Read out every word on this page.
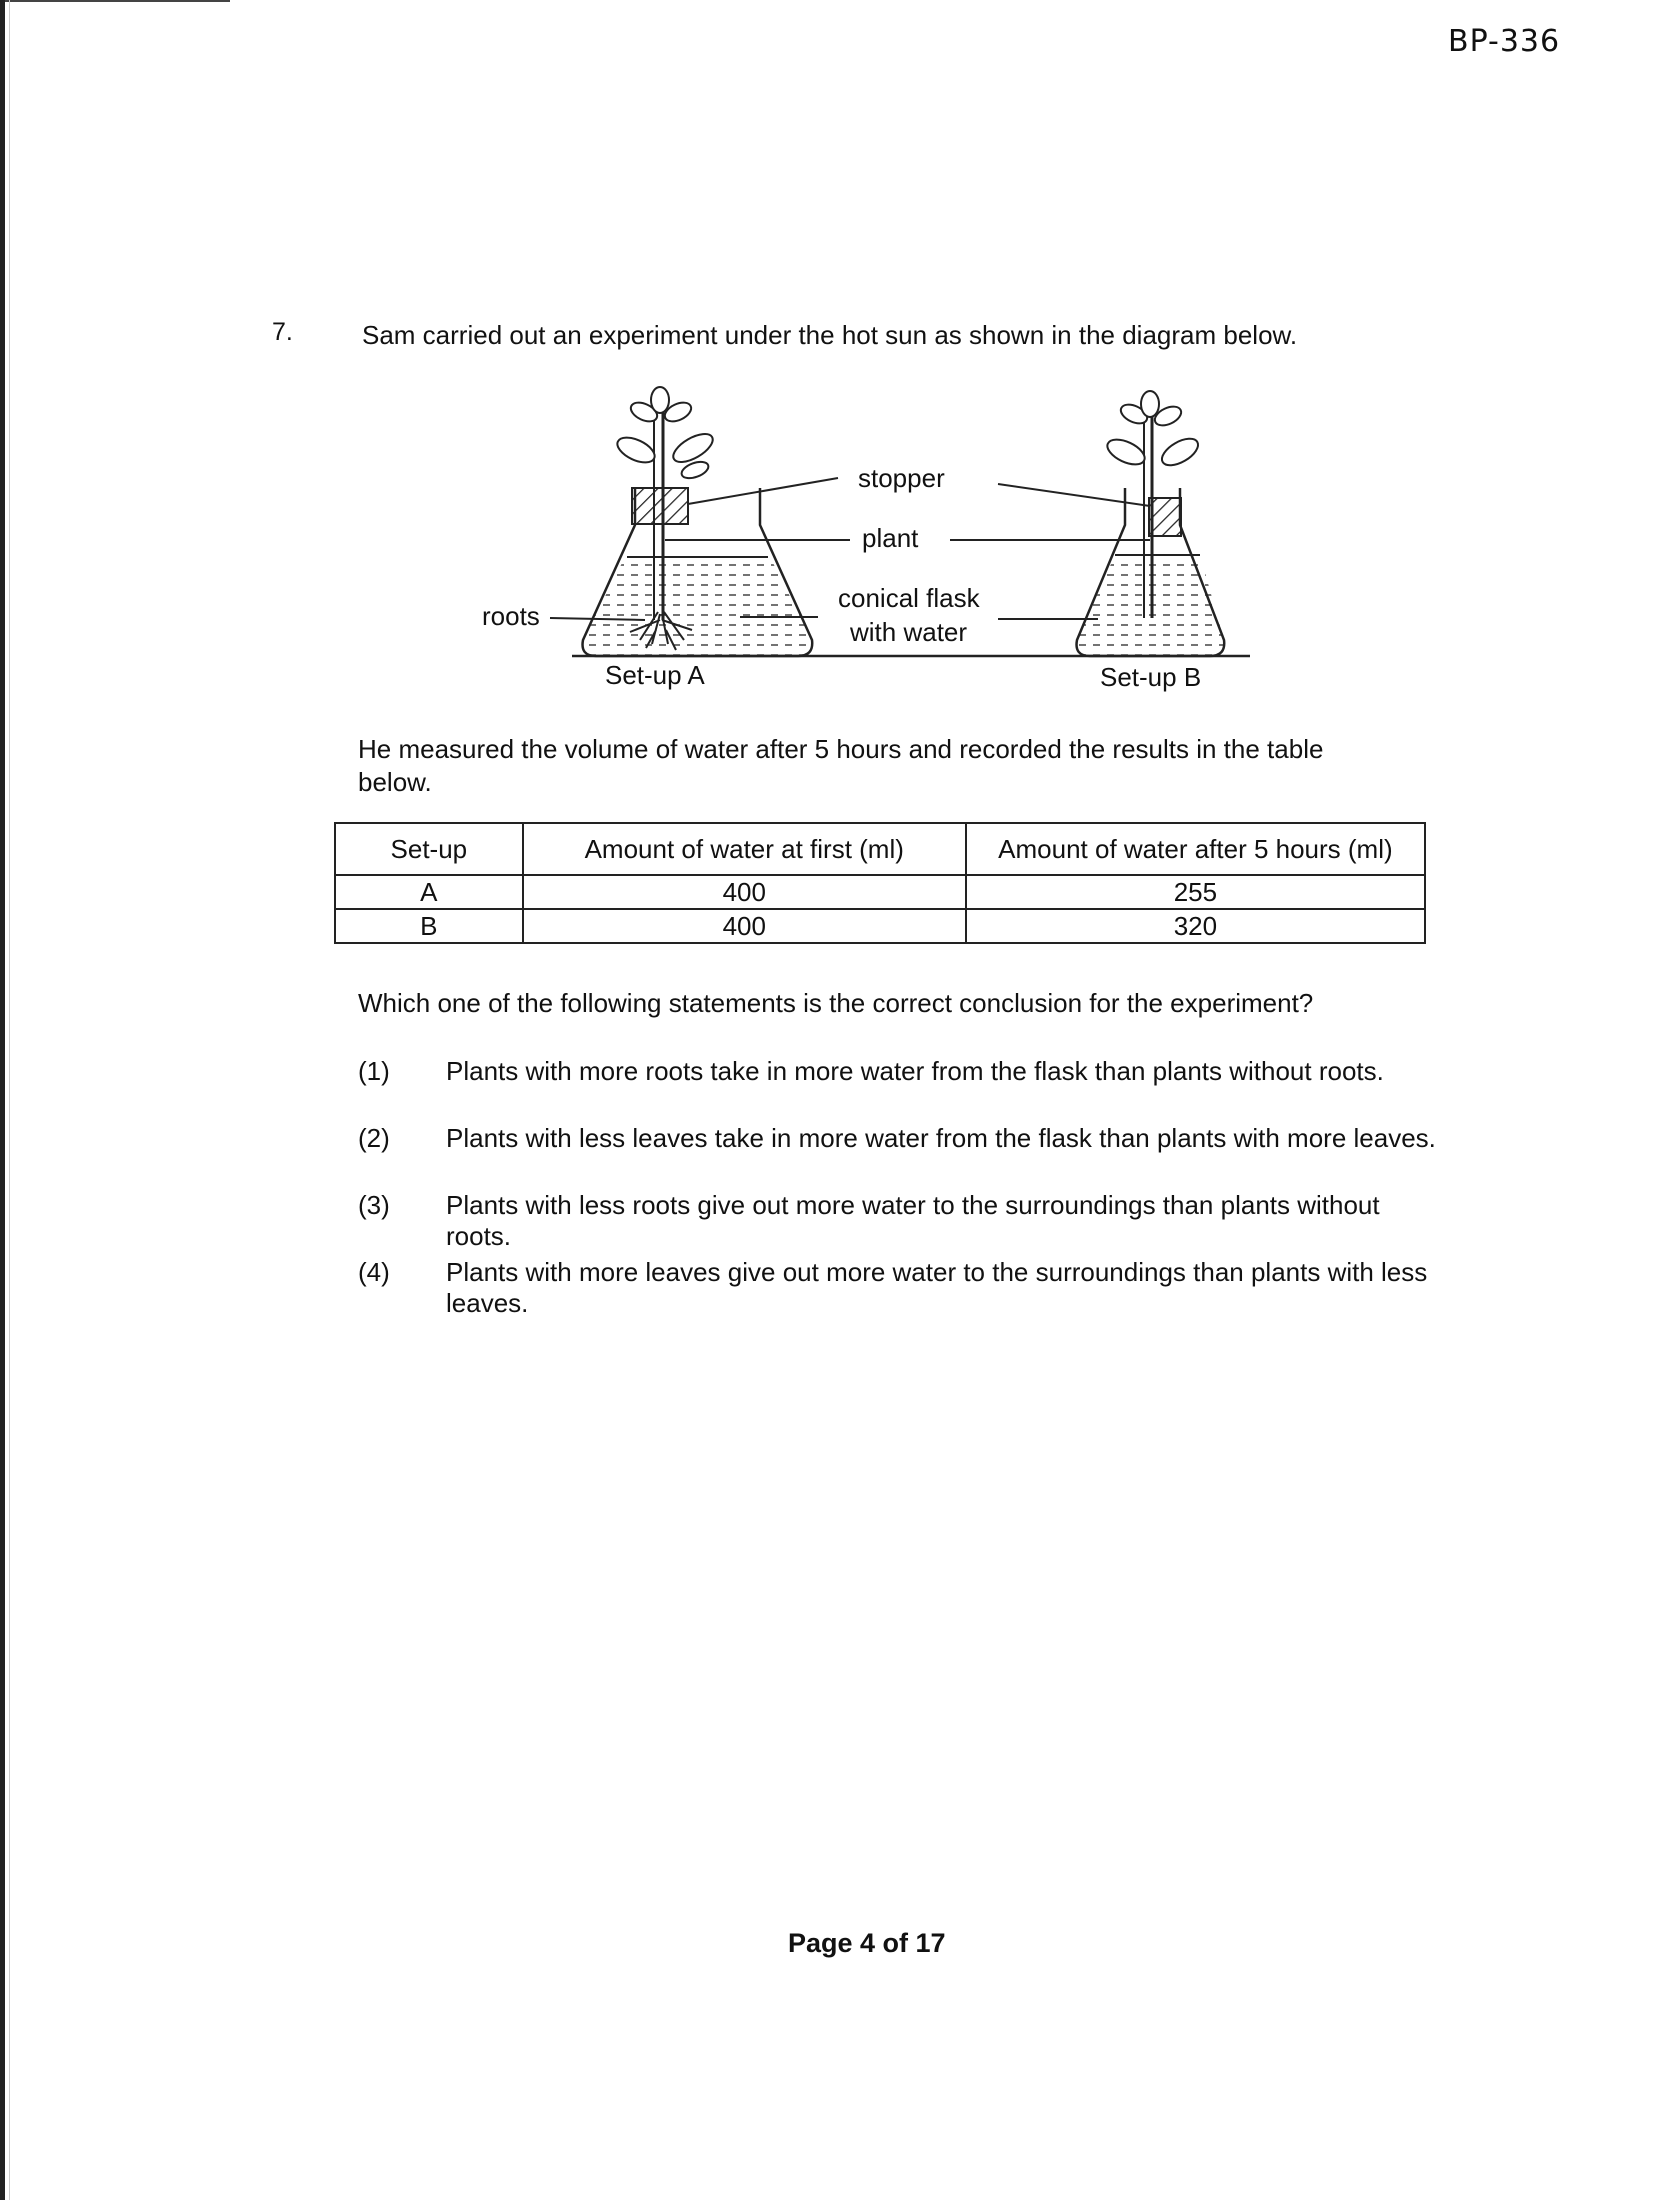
BP-336
7.	Sam carried out an experiment under the hot sun as shown in the diagram below.
stopper
plant
conical flask
with water
roots
Set-up A	Set-up B
He measured the volume of water after 5 hours and recorded the results in the table below.
Set-up	Amount of water at first (ml)	Amount of water after 5 hours (ml)
A	400	255
B	400	320
Which one of the following statements is the correct conclusion for the experiment?
(1) Plants with more roots take in more water from the flask than plants without roots.
(2) Plants with less leaves take in more water from the flask than plants with more leaves.
(3) Plants with less roots give out more water to the surroundings than plants without roots.
(4) Plants with more leaves give out more water to the surroundings than plants with less leaves.
Page 4 of 17
